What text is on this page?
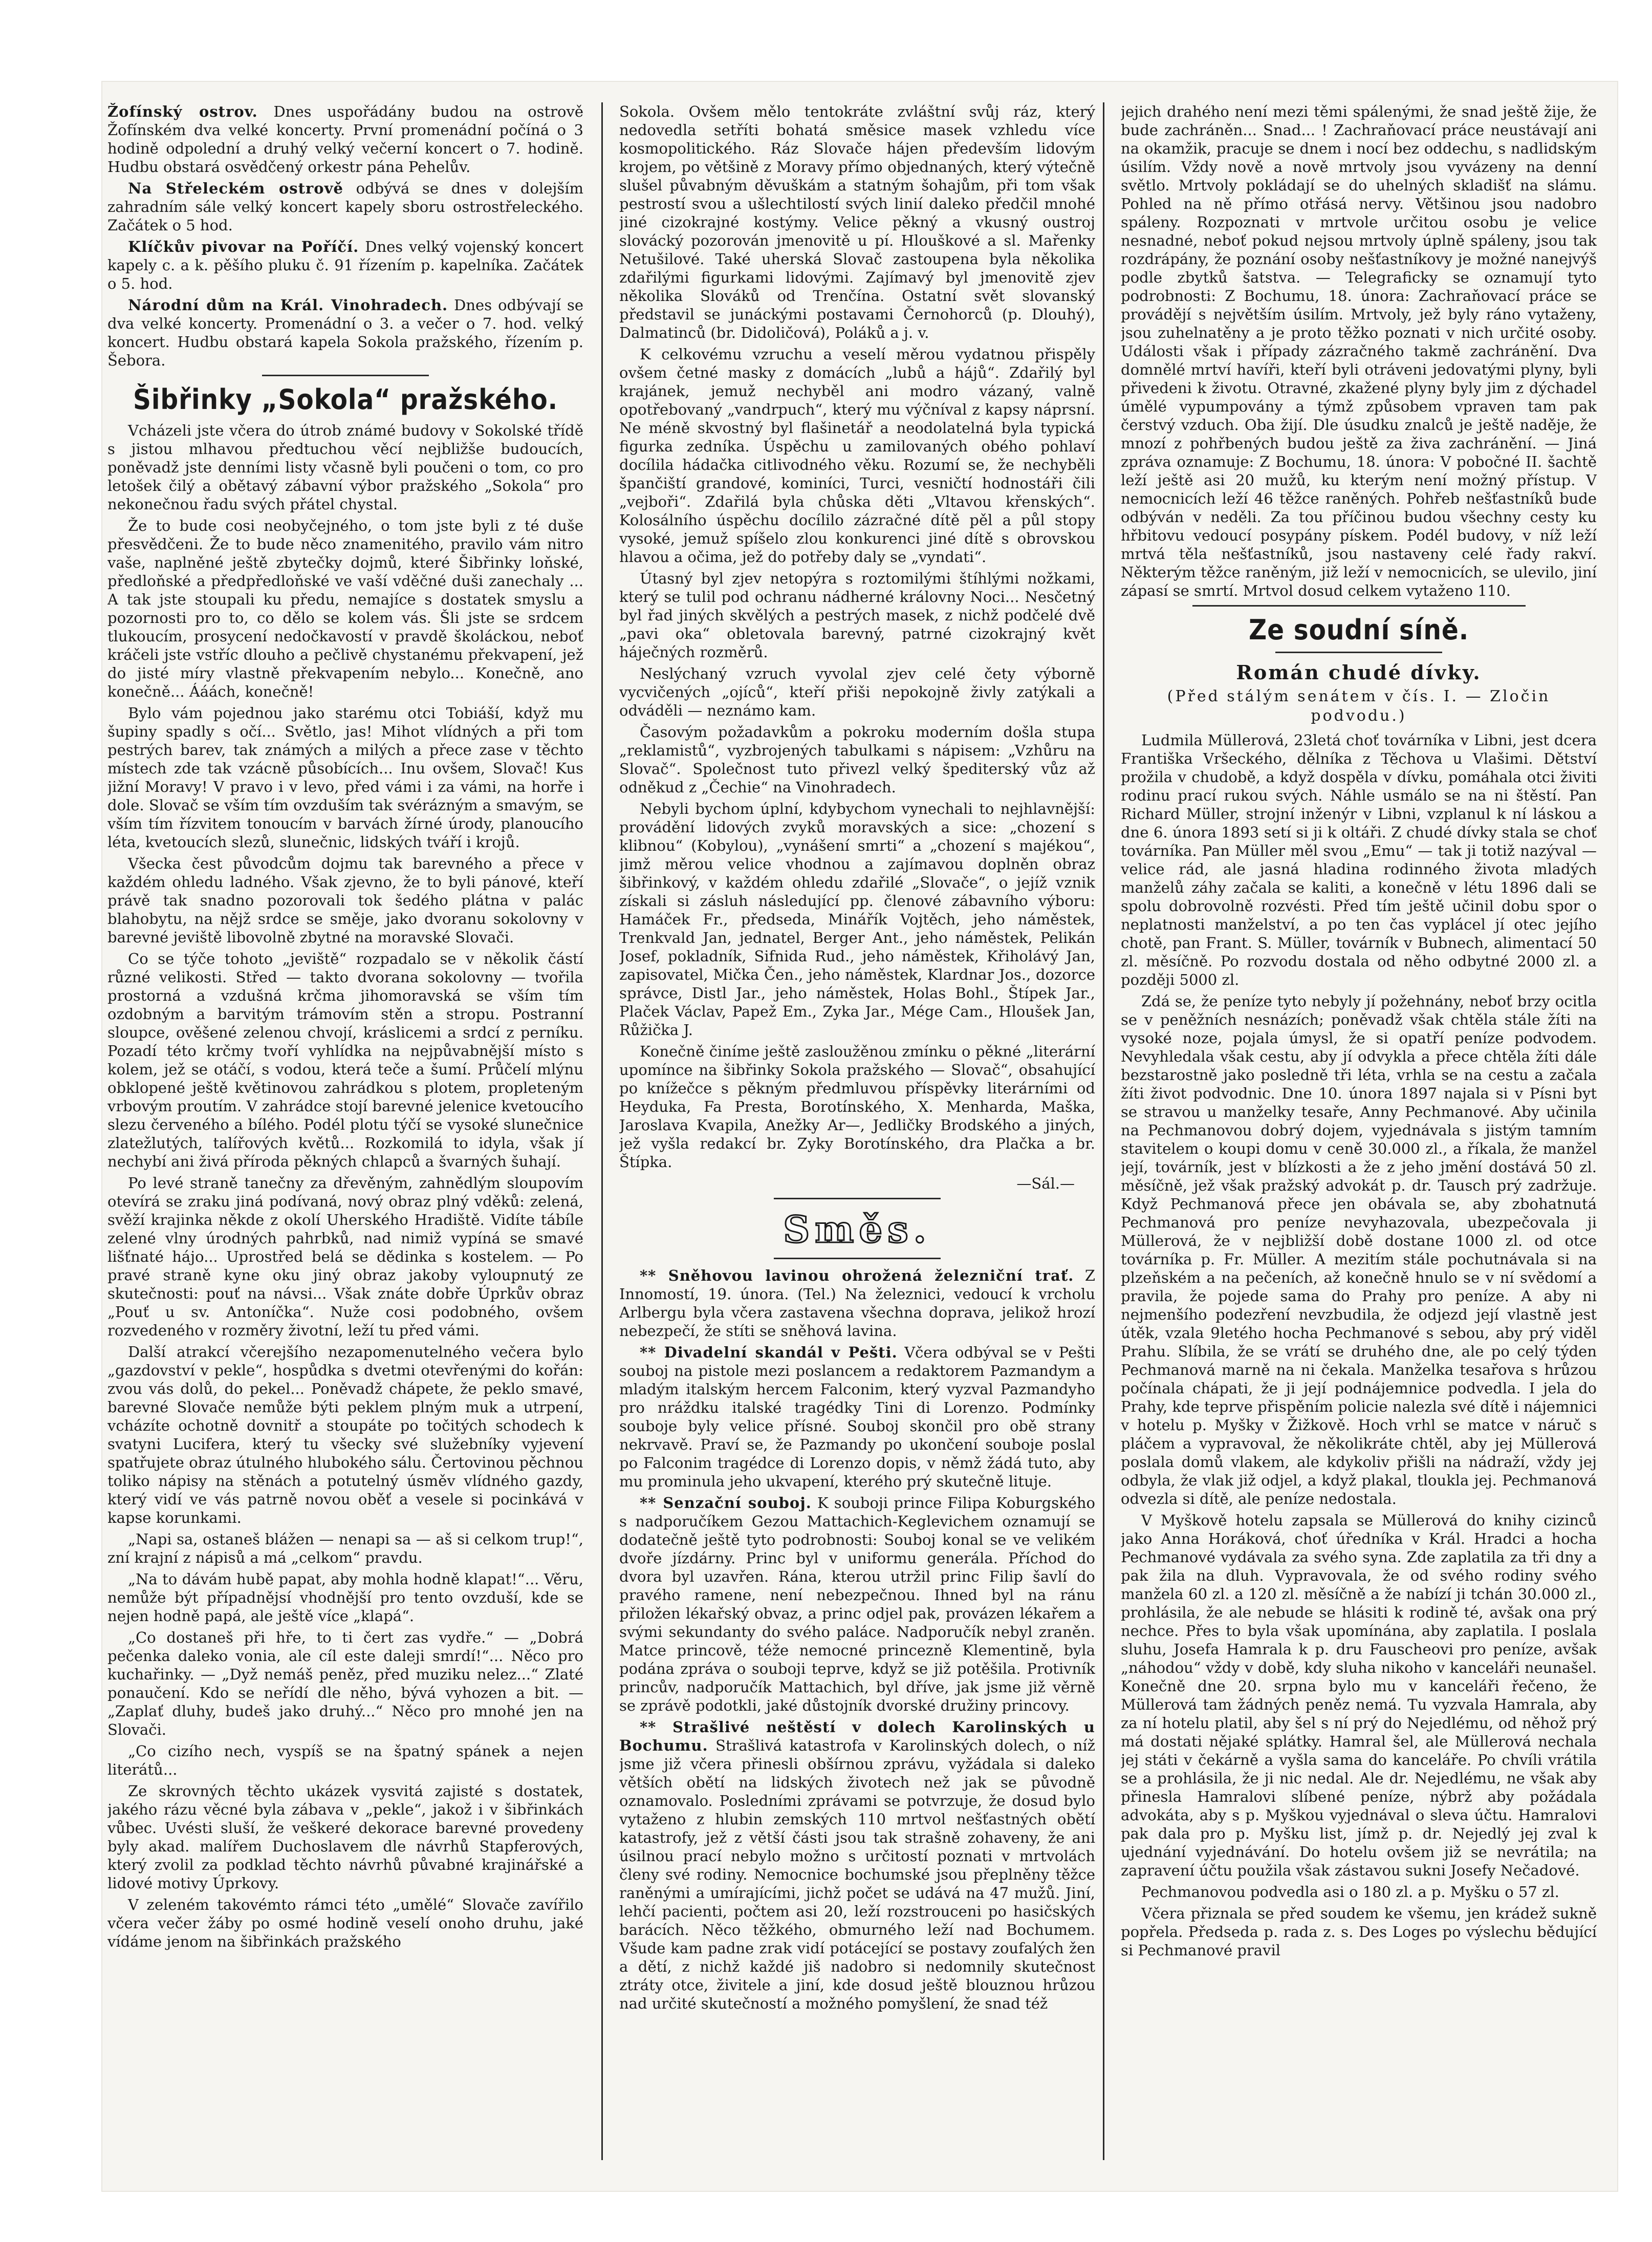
Žofínský ostrov. Dnes uspořádány budou na ostrově Žofínském dva velké koncerty. První promenádní počíná o 3 hodině odpolední a druhý velký večerní koncert o 7. hodině. Hudbu obstará osvědčený orkestr pána Pehelův.

Na Střeleckém ostrově odbývá se dnes v dolejším zahradním sále velký koncert kapely sboru ostrostřeleckého. Začátek o 5 hod.

Klíčkův pivovar na Poříčí. Dnes velký vojenský koncert kapely c. a k. pěšího pluku č. 91 řízením p. kapelníka. Začátek o 5. hod.

Národní dům na Král. Vinohradech. Dnes odbývají se dva velké koncerty. Promenádní o 3. a večer o 7. hod. velký koncert. Hudbu obstará kapela Sokola pražského, řízením p. Šebora.

Šibřinky „Sokola“ pražského.

Vcházeli jste včera do útrob známé budovy v Sokolské třídě s jistou mlhavou předtuchou věcí nejbližše budoucích, poněvadž jste denními listy včasně byli poučeni o tom, co pro letošek čilý a obětavý zábavní výbor pražského „Sokola“ pro nekonečnou řadu svých přátel chystal.

Že to bude cosi neobyčejného, o tom jste byli z té duše přesvědčeni. Že to bude něco znamenitého, pravilo vám nitro vaše, naplněné ještě zbytečky dojmů, které Šibřinky loňské, předloňské a předpředloňské ve vaší vděčné duši zanechaly ... A tak jste stoupali ku předu, nemajíce s dostatek smyslu a pozornosti pro to, co dělo se kolem vás. Šli jste se srdcem tlukoucím, prosycení nedočkavostí v pravdě školáckou, neboť kráčeli jste vstříc dlouho a pečlivě chystanému překvapení, jež do jisté míry vlastně překvapením nebylo... Konečně, ano konečně... Ááách, konečně!

Bylo vám pojednou jako starému otci Tobiáší, když mu šupiny spadly s očí... Světlo, jas! Mihot vlídných a při tom pestrých barev, tak známých a milých a přece zase v těchto místech zde tak vzácně působících... Inu ovšem, Slovač! Kus jižní Moravy! V pravo i v levo, před vámi i za vámi, na horře i dole. Slovač se vším tím ovzduším tak svérázným a smavým, se vším tím řízvitem tonoucím v barvách žírné úrody, planoucího léta, kvetoucích slezů, slunečnic, lidských tváří i krojů.

Všecka čest původcům dojmu tak barevného a přece v každém ohledu ladného. Však zjevno, že to byli pánové, kteří právě tak snadno pozorovali tok šedého plátna v palác blahobytu, na nějž srdce se směje, jako dvoranu sokolovny v barevné jeviště libovolně zbytné na moravské Slovači.

Co se týče tohoto „jeviště“ rozpadalo se v několik částí různé velikosti. Střed — takto dvorana sokolovny — tvořila prostorná a vzdušná krčma jihomoravská se vším tím ozdobným a barvitým trámovím stěn a stropu. Postranní sloupce, ověšené zelenou chvojí, kráslicemi a srdcí z perníku. Pozadí této krčmy tvoří vyhlídka na nejpůvabnější místo s kolem, jež se otáčí, s vodou, která teče a šumí. Průčelí mlýnu obklopené ještě květinovou zahrádkou s plotem, propleteným vrbovým proutím. V zahrádce stojí barevné jelenice kvetoucího slezu červeného a bílého. Podél plotu týčí se vysoké slunečnice zlatežlutých, talířových květů... Rozkomilá to idyla, však jí nechybí ani živá příroda pěkných chlapců a švarných šuhají.

Po levé straně tanečny za dřevěným, zahnědlým sloupovím otevírá se zraku jiná podívaná, nový obraz plný vděků: zelená, svěží krajinka někde z okolí Uherského Hradiště. Vidíte tábíle zelené vlny úrodných pahrbků, nad nimiž vypíná se smavé lišťnaté hájo... Uprostřed belá se dědinka s kostelem. — Po pravé straně kyne oku jiný obraz jakoby vyloupnutý ze skutečnosti: pouť na návsi... Však znáte dobře Úprkův obraz „Pouť u sv. Antoníčka“. Nuže cosi podobného, ovšem rozvedeného v rozměry životní, leží tu před vámi.

Další atrakcí včerejšího nezapomenutelného večera bylo „gazdovství v pekle“, hospůdka s dvetmi otevřenými do kořán: zvou vás dolů, do pekel... Poněvadž chápete, že peklo smavé, barevné Slovače nemůže býti peklem plným muk a utrpení, vcházíte ochotně dovnitř a stoupáte po točitých schodech k svatyni Lucifera, který tu všecky své služebníky vyjevení spatřujete obraz útulného hlubokého sálu. Čertovinou pěchnou toliko nápisy na stěnách a potutelný úsměv vlídného gazdy, který vidí ve vás patrně novou oběť a vesele si pocinkává v kapse korunkami.

„Napi sa, ostaneš blážen — nenapi sa — aš si celkom trup!“, zní krajní z nápisů a má „celkom“ pravdu.

„Na to dávám hubě papat, aby mohla hodně klapat!“... Věru, nemůže být případnějsí vhodnější pro tento ovzduší, kde se nejen hodně papá, ale ještě více „klapá“.

„Co dostaneš při hře, to ti čert zas vydře.“ — „Dobrá pečenka daleko vonia, ale cíl este daleji smrdí!“... Něco pro kuchařinky. — „Dyž nemáš peněz, před muziku nelez...“ Zlaté ponaučení. Kdo se neřídí dle něho, bývá vyhozen a bit. — „Zaplať dluhy, budeš jako druhý...“ Něco pro mnohé jen na Slovači.

„Co cizího nech, vyspíš se na špatný spánek a nejen literátů...

Ze skrovných těchto ukázek vysvitá zajisté s dostatek, jakého rázu věcné byla zábava v „pekle“, jakož i v šibřinkách vůbec. Uvésti sluší, že veškeré dekorace barevné provedeny byly akad. malířem Duchoslavem dle návrhů Stapferových, který zvolil za podklad těchto návrhů půvabné krajinářské a lidové motivy Úprkovy.

V zeleném takovémto rámci této „umělé“ Slovače zavířilo včera večer žáby po osmé hodině veselí onoho druhu, jaké vídáme jenom na šibřinkách pražského

Sokola. Ovšem mělo tentokráte zvláštní svůj ráz, který nedovedla setříti bohatá směsice masek vzhledu více kosmopolitického. Ráz Slovače hájen především lidovým krojem, po většině z Moravy přímo objednaných, který výtečně slušel půvabným děvuškám a statným šohajům, při tom však pestrostí svou a ušlechtilostí svých linií daleko předčil mnohé jiné cizokrajné kostýmy. Velice pěkný a vkusný oustroj slovácký pozorován jmenovitě u pí. Hlouškové a sl. Mařenky Netušilové. Také uherská Slovač zastoupena byla několika zdařilými figurkami lidovými. Zajímavý byl jmenovitě zjev několika Slováků od Trenčína. Ostatní svět slovanský představil se junáckými postavami Černohorců (p. Dlouhý), Dalmatinců (br. Didoličová), Poláků a j. v.

K celkovému vzruchu a veselí měrou vydatnou přispěly ovšem četné masky z domácích „lubů a hájů“. Zdařilý byl krajánek, jemuž nechyběl ani modro vázaný, valně opotřebovaný „vandrpuch“, který mu výčníval z kapsy náprsní. Ne méně skvostný byl flašinetář a neodolatelná byla typická figurka zedníka. Úspěchu u zamilovaných obého pohlaví docílila hádačka citlivodného věku. Rozumí se, že nechyběli špančiští grandové, kominíci, Turci, vesničtí hodnostáři čili „vejboři“. Zdařilá byla chůska děti „Vltavou křenských“. Kolosálního úspěchu docílilo zázračné dítě pěl a půl stopy vysoké, jemuž spíšelo zlou konkurenci jiné dítě s obrovskou hlavou a očima, jež do potřeby daly se „vyndati“.

Útasný byl zjev netopýra s roztomilými štíhlými nožkami, který se tulil pod ochranu nádherné královny Noci... Nesčetný byl řad jiných skvělých a pestrých masek, z nichž podčelé dvě „pavi oka“ obletovala barevný, patrné cizokrajný květ háječných rozměrů.

Neslýchaný vzruch vyvolal zjev celé čety výborně vycvičených „ojíců“, kteří přiši nepokojně živly zatýkali a odváděli — neznámo kam.

Časovým požadavkům a pokroku moderním došla stupa „reklamistů“, vyzbrojených tabulkami s nápisem: „Vzhůru na Slovač“. Společnost tuto přivezl velký špediterský vůz až odněkud z „Čechie“ na Vinohradech.

Nebyli bychom úplní, kdybychom vynechali to nejhlavnější: provádění lidových zvyků moravských a sice: „chození s klibnou“ (Kobylou), „vynášení smrti“ a „chození s majékou“, jimž měrou velice vhodnou a zajímavou doplněn obraz šibřinkový, v každém ohledu zdařilé „Slovače“, o jejíž vznik získali si zásluh následující pp. členové zábavního výboru: Hamáček Fr., předseda, Minářík Vojtěch, jeho náměstek, Trenkvald Jan, jednatel, Berger Ant., jeho náměstek, Pelikán Josef, pokladník, Sifnida Rud., jeho náměstek, Křiholávý Jan, zapisovatel, Mička Čen., jeho náměstek, Klardnar Jos., dozorce správce, Distl Jar., jeho náměstek, Holas Bohl., Štípek Jar., Plaček Václav, Papež Em., Zyka Jar., Mége Cam., Hloušek Jan, Růžička J.

Konečně činíme ještě zasloužěnou zmínku o pěkné „literární upomínce na šibřinky Sokola pražského — Slovač“, obsahující po knížečce s pěkným předmluvou příspěvky literárními od Heyduka, Fa Presta, Borotínského, X. Menharda, Maška, Jaroslava Kvapila, Anežky Ar—, Jedličky Brodského a jiných, jež vyšla redakcí br. Zyky Borotínského, dra Plačka a br. Štípka.

—Sál.—

Směs.

** Sněhovou lavinou ohrožená železniční trať. Z Innomostí, 19. února. (Tel.) Na železnici, vedoucí k vrcholu Arlbergu byla včera zastavena všechna doprava, jelikož hrozí nebezpečí, že stíti se sněhová lavina.

** Divadelní skandál v Pešti. Včera odbýval se v Pešti souboj na pistole mezi poslancem a redaktorem Pazmandym a mladým italským hercem Falconim, který vyzval Pazmandyho pro nráždku italské tragédky Tini di Lorenzo. Podmínky souboje byly velice přísné. Souboj skončil pro obě strany nekrvavě. Praví se, že Pazmandy po ukončení souboje poslal po Falconim tragédce di Lorenzo dopis, v němž žádá tuto, aby mu prominula jeho ukvapení, kterého prý skutečně lituje.

** Senzační souboj. K souboji prince Filipa Koburgského s nadporučíkem Gezou Mattachich-Keglevichem oznamují se dodatečně ještě tyto podrobnosti: Souboj konal se ve velikém dvoře jízdárny. Princ byl v uniformu generála. Příchod do dvora byl uzavřen. Rána, kterou utržil princ Filip šavlí do pravého ramene, není nebezpečnou. Ihned byl na ránu přiložen lékařský obvaz, a princ odjel pak, provázen lékařem a svými sekundanty do svého paláce. Nadporučík nebyl zraněn. Matce princově, téže nemocné princezně Klementině, byla podána zpráva o souboji teprve, když se již potěšila. Protivník princův, nadporučík Mattachich, byl dříve, jak jsme již věrně se zprávě podotkli, jaké důstojník dvorské družiny princovy.

** Strašlivé neštěstí v dolech Karolinských u Bochumu. Strašlivá katastrofa v Karolinských dolech, o níž jsme již včera přinesli obšírnou zprávu, vyžádala si daleko větších obětí na lidských životech než jak se původně oznamovalo. Posledními zprávami se potvrzuje, že dosud bylo vytaženo z hlubin zemských 110 mrtvol nešťastných obětí katastrofy, jež z větší části jsou tak strašně zohaveny, že ani úsilnou prací nebylo možno s určitostí poznati v mrtvolách členy své rodiny. Nemocnice bochumské jsou přeplněny těžce raněnými a umírajícími, jichž počet se udává na 47 mužů. Jiní, lehčí pacienti, počtem asi 20, leží rozstrouceni po hasičských barácích. Něco těžkého, obmurného leží nad Bochumem. Všude kam padne zrak vidí potácející se postavy zoufalých žen a dětí, z nichž každé jiš nadobro si nedomnily skutečnost ztráty otce, živitele a jiní, kde dosud ještě blouznou hrůzou nad určité skutečností a možného pomyšlení, že snad též

jejich drahého není mezi těmi spálenými, že snad ještě žije, že bude zachráněn... Snad... ! Zachraňovací práce neustávají ani na okamžik, pracuje se dnem i nocí bez oddechu, s nadlidským úsilím. Vždy nově a nově mrtvoly jsou vyvázeny na denní světlo. Mrtvoly pokládají se do uhelných skladišť na slámu. Pohled na ně přímo otřásá nervy. Většinou jsou nadobro spáleny. Rozpoznati v mrtvole určitou osobu je velice nesnadné, neboť pokud nejsou mrtvoly úplně spáleny, jsou tak rozdrápány, že poznání osoby nešťastníkovy je možné nanejvýš podle zbytků šatstva. — Telegraficky se oznamují tyto podrobnosti: Z Bochumu, 18. února: Zachraňovací práce se provádějí s největším úsilím. Mrtvoly, jež byly ráno vytaženy, jsou zuhelnatěny a je proto těžko poznati v nich určité osoby. Události však i případy zázračného takmě zachránění. Dva domnělé mrtví havíři, kteří byli otráveni jedovatými plyny, byli přivedeni k životu. Otravné, zkažené plyny byly jim z dýchadel úmělé vypumpovány a týmž způsobem vpraven tam pak čerstvý vzduch. Oba žijí. Dle úsudku znalců je ještě naděje, že mnozí z pohřbených budou ještě za živa zachránění. — Jiná zpráva oznamuje: Z Bochumu, 18. února: V pobočné II. šachtě leží ještě asi 20 mužů, ku kterým není možný přístup. V nemocnicích leží 46 těžce raněných. Pohřeb nešťastníků bude odbýván v neděli. Za tou příčinou budou všechny cesty ku hřbitovu vedoucí posypány pískem. Podél budovy, v níž leží mrtvá těla nešťastníků, jsou nastaveny celé řady rakví. Některým těžce raněným, již leží v nemocnicích, se ulevilo, jiní zápasí se smrtí. Mrtvol dosud celkem vytaženo 110.

Ze soudní síně.
Román chudé dívky.

(Před stálým senátem v čís. I. — Zločin podvodu.)

Ludmila Müllerová, 23letá choť továrníka v Libni, jest dcera Františka Vršeckého, dělníka z Těchova u Vlašimi. Dětství prožila v chudobě, a když dospěla v dívku, pomáhala otci živiti rodinu prací rukou svých. Náhle usmálo se na ni štěstí. Pan Richard Müller, strojní inženýr v Libni, vzplanul k ní láskou a dne 6. února 1893 setí si ji k oltáři. Z chudé dívky stala se choť továrníka. Pan Müller měl svou „Emu“ — tak ji totiž nazýval — velice rád, ale jasná hladina rodinného života mladých manželů záhy začala se kaliti, a konečně v létu 1896 dali se spolu dobrovolně rozvésti. Před tím ještě učinil dobu spor o neplatnosti manželství, a po ten čas vyplácel jí otec jejího chotě, pan Frant. S. Müller, továrník v Bubnech, alimentací 50 zl. měsíčně. Po rozvodu dostala od něho odbytné 2000 zl. a později 5000 zl.

Zdá se, že peníze tyto nebyly jí požehnány, neboť brzy ocitla se v peněžních nesnázích; poněvadž však chtěla stále žíti na vysoké noze, pojala úmysl, že si opatří peníze podvodem. Nevyhledala však cestu, aby jí odvykla a přece chtěla žíti dále bezstarostně jako posledně tři léta, vrhla se na cestu a začala žíti život podvodnic. Dne 10. února 1897 najala si v Písni byt se stravou u manželky tesaře, Anny Pechmanové. Aby učinila na Pechmanovou dobrý dojem, vyjednávala s jistým tamním stavitelem o koupi domu v ceně 30.000 zl., a říkala, že manžel její, továrník, jest v blízkosti a že z jeho jmění dostává 50 zl. měsíčně, jež však pražský advokát p. dr. Tausch prý zadržuje. Když Pechmanová přece jen obávala se, aby zbohatnutá Pechmanová pro peníze nevyhazovala, ubezpečovala ji Müllerová, že v nejbližší době dostane 1000 zl. od otce továrníka p. Fr. Müller. A mezitím stále pochutnávala si na plzeňském a na pečeních, až konečně hnulo se v ní svědomí a pravila, že pojede sama do Prahy pro peníze. A aby ni nejmenšího podezření nevzbudila, že odjezd její vlastně jest útěk, vzala 9letého hocha Pechmanové s sebou, aby prý viděl Prahu. Slíbila, že se vrátí se druhého dne, ale po celý týden Pechmanová marně na ni čekala. Manželka tesařova s hrůzou počínala chápati, že ji její podnájemnice podvedla. I jela do Prahy, kde teprve přispěním policie nalezla své dítě i nájemnici v hotelu p. Myšky v Žižkově. Hoch vrhl se matce v náruč s pláčem a vypravoval, že několikráte chtěl, aby jej Müllerová poslala domů vlakem, ale kdykoliv přišli na nádraží, vždy jej odbyla, že vlak již odjel, a když plakal, tloukla jej. Pechmanová odvezla si dítě, ale peníze nedostala.

V Myškově hotelu zapsala se Müllerová do knihy cizinců jako Anna Horáková, choť úředníka v Král. Hradci a hocha Pechmanové vydávala za svého syna. Zde zaplatila za tři dny a pak žila na dluh. Vypravovala, že od svého rodiny svého manžela 60 zl. a 120 zl. měsíčně a že nabízí ji tchán 30.000 zl., prohlásila, že ale nebude se hlásiti k rodině té, avšak ona prý nechce. Přes to byla však upomínána, aby zaplatila. I poslala sluhu, Josefa Hamrala k p. dru Fauscheovi pro peníze, avšak „náhodou“ vždy v době, kdy sluha nikoho v kanceláři neunašel. Konečně dne 20. srpna bylo mu v kanceláři řečeno, že Müllerová tam žádných peněz nemá. Tu vyzvala Hamrala, aby za ní hotelu platil, aby šel s ní prý do Nejedlému, od něhož prý má dostati nějaké splátky. Hamral šel, ale Müllerová nechala jej státi v čekárně a vyšla sama do kanceláře. Po chvíli vrátila se a prohlásila, že ji nic nedal. Ale dr. Nejedlému, ne však aby přinesla Hamralovi slíbené peníze, nýbrž aby požádala advokáta, aby s p. Myškou vyjednával o sleva účtu. Hamralovi pak dala pro p. Myšku list, jímž p. dr. Nejedlý jej zval k ujednání vyjednávání. Do hotelu ovšem již se nevrátila; na zapravení účtu použila však zástavou sukni Josefy Nečadové.

Pechmanovou podvedla asi o 180 zl. a p. Myšku o 57 zl.

Včera přiznala se před soudem ke všemu, jen krádež sukně popřela. Předseda p. rada z. s. Des Loges po výslechu bědující si Pechmanové pravil
